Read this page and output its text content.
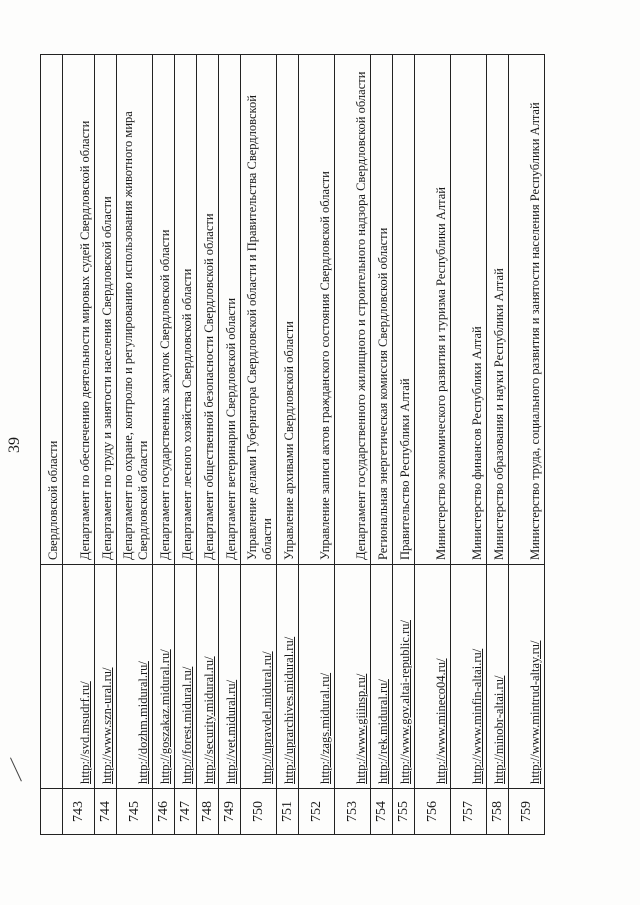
39
		Свердловской области
743	http://svd.msudrf.ru/	Департамент по обеспечению деятельности мировых судей Свердловской области
744	http://www.szn-ural.ru/	Департамент по труду и занятости населения Свердловской области
745	http://dozhm.midural.ru/	Департамент по охране, контролю и регулированию использования животного мира Свердловской области
746	http://goszakaz.midural.ru/	Департамент государственных закупок Свердловской области
747	http://forest.midural.ru/	Департамент лесного хозяйства Свердловской области
748	http://security.midural.ru/	Департамент общественной безопасности Свердловской области
749	http://vet.midural.ru/	Департамент ветеринарии Свердловской области
750	http://upravdel.midural.ru/	Управление делами Губернатора Свердловской области и Правительства Свердловской области
751	http://uprarchives.midural.ru/	Управление архивами Свердловской области
752	http://zags.midural.ru/	Управление записи актов гражданского состояния Свердловской области
753	http://www.giiinsp.ru/	Департамент государственного жилищного и строительного надзора Свердловской области
754	http://rek.midural.ru/	Региональная энергетическая комиссия Свердловской области
755	http://www.gov.altai-republic.ru/	Правительство Республики Алтай
756	http://www.mineco04.ru/	Министерство экономического развития и туризма Республики Алтай
757	http://www.minfin-altai.ru/	Министерство финансов Республики Алтай
758	http://minobr-altai.ru/	Министерство образования и науки Республики Алтай
759	http://www.mintrud-altay.ru/	Министерство труда, социального развития и занятости населения Республики Алтай
